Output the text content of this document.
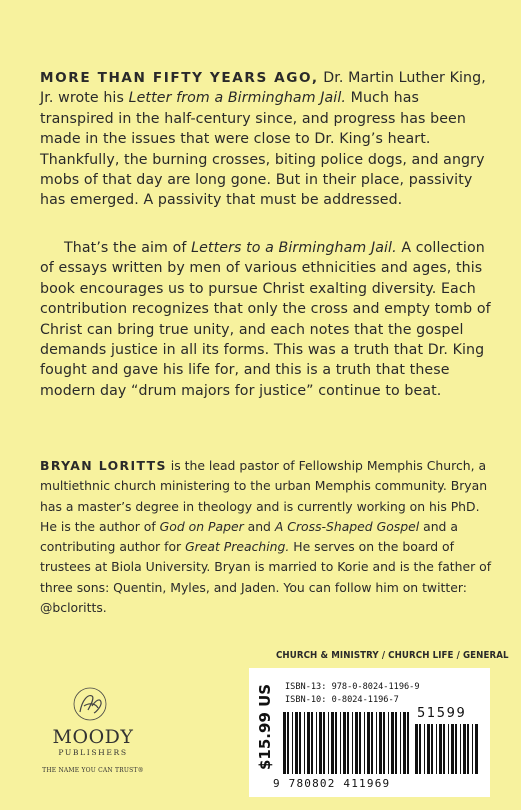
MORE THAN FIFTY YEARS AGO, Dr. Martin Luther King, Jr. wrote his Letter from a Birmingham Jail. Much has transpired in the half-century since, and progress has been made in the issues that were close to Dr. King’s heart. Thankfully, the burning crosses, biting police dogs, and angry mobs of that day are long gone. But in their place, passivity has emerged. A passivity that must be addressed.

That’s the aim of Letters to a Birmingham Jail. A collection of essays written by men of various ethnicities and ages, this book encourages us to pursue Christ exalting diversity. Each contribution recognizes that only the cross and empty tomb of Christ can bring true unity, and each notes that the gospel demands justice in all its forms. This was a truth that Dr. King fought and gave his life for, and this is a truth that these modern day “drum majors for justice” continue to beat.

BRYAN LORITTS is the lead pastor of Fellowship Memphis Church, a multiethnic church ministering to the urban Memphis community. Bryan has a master’s degree in theology and is currently working on his PhD. He is the author of God on Paper and A Cross-Shaped Gospel and a contributing author for Great Preaching. He serves on the board of trustees at Biola University. Bryan is married to Korie and is the father of three sons: Quentin, Myles, and Jaden. You can follow him on twitter: @bcloritts.

CHURCH & MINISTRY / CHURCH LIFE / GENERAL
MOODY
PUBLISHERS
THE NAME YOU CAN TRUST®
$15.99 US ISBN-13: 978-0-8024-1196-9
ISBN-10: 0-8024-1196-7
51599
9 780802 411969
